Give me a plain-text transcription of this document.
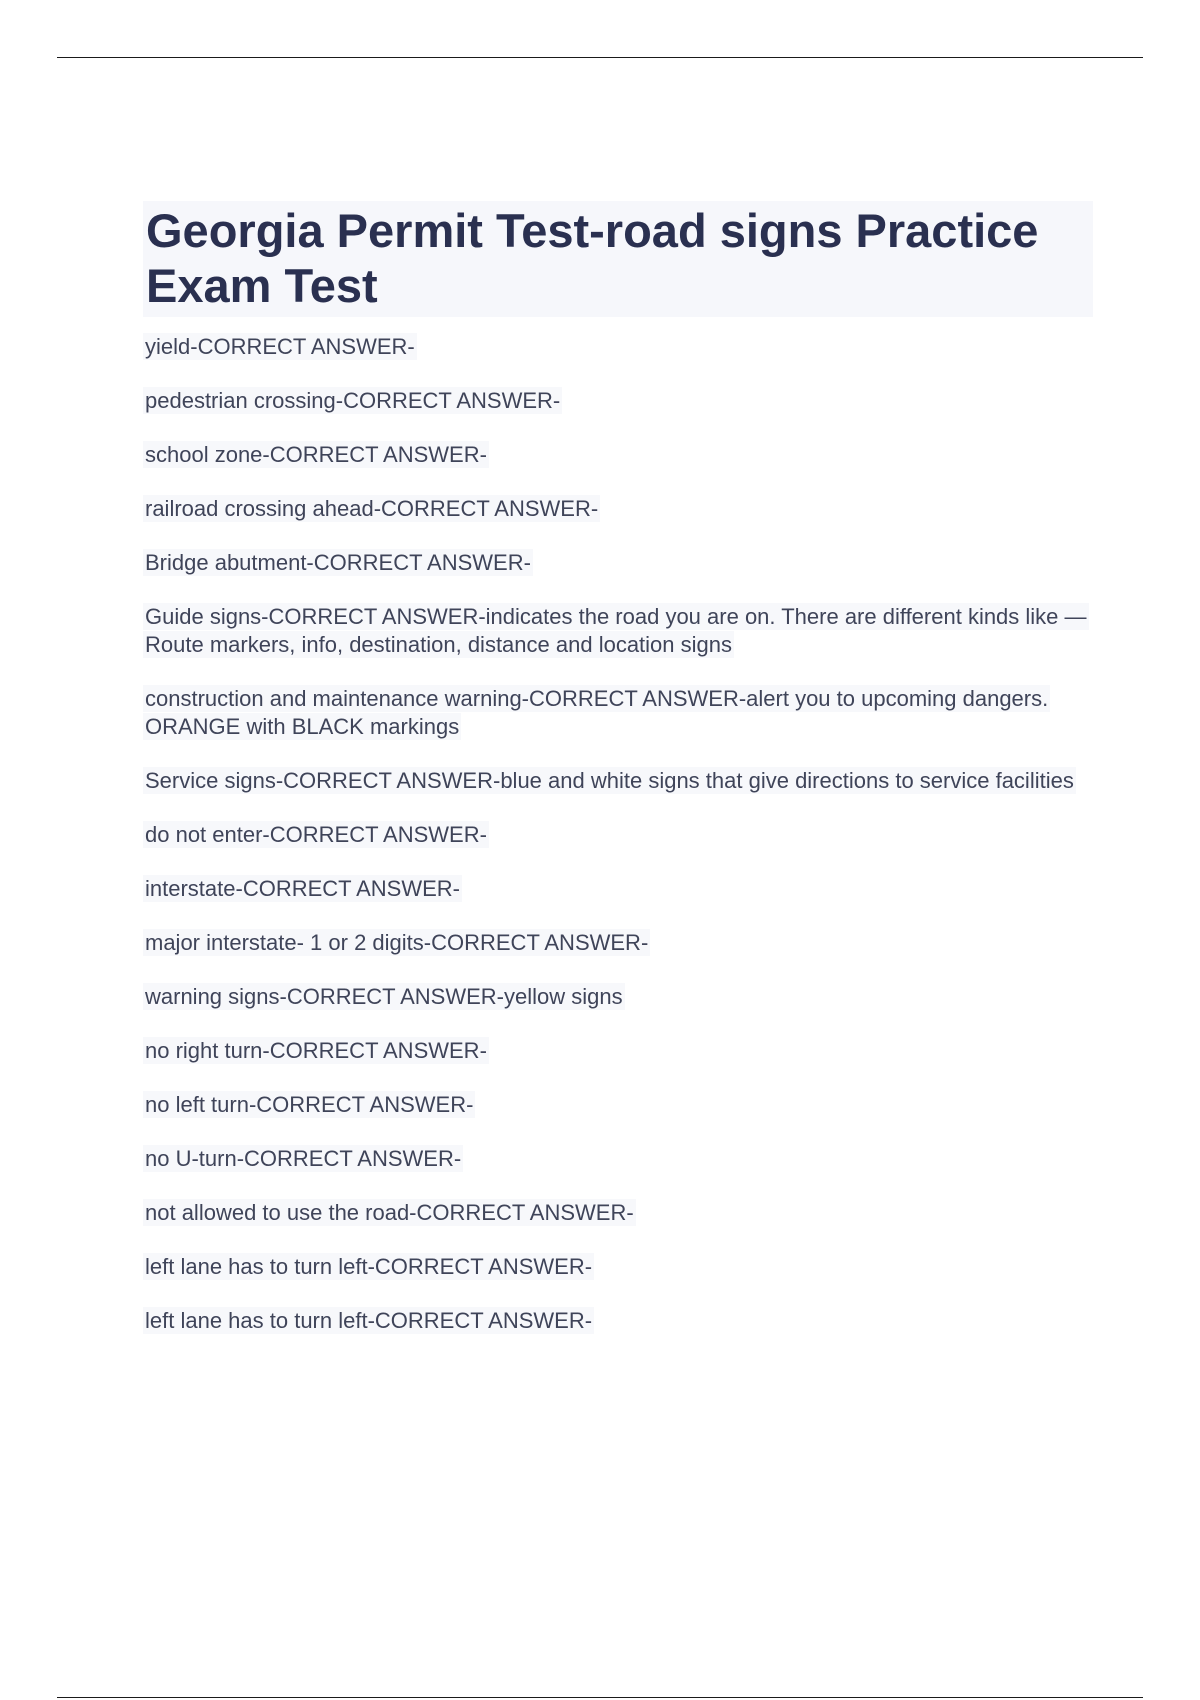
Georgia Permit Test-road signs Practice Exam Test
yield-CORRECT ANSWER-
pedestrian crossing-CORRECT ANSWER-
school zone-CORRECT ANSWER-
railroad crossing ahead-CORRECT ANSWER-
Bridge abutment-CORRECT ANSWER-
Guide signs-CORRECT ANSWER-indicates the road you are on. There are different kinds like — Route markers, info, destination, distance and location signs
construction and maintenance warning-CORRECT ANSWER-alert you to upcoming dangers. ORANGE with BLACK markings
Service signs-CORRECT ANSWER-blue and white signs that give directions to service facilities
do not enter-CORRECT ANSWER-
interstate-CORRECT ANSWER-
major interstate- 1 or 2 digits-CORRECT ANSWER-
warning signs-CORRECT ANSWER-yellow signs
no right turn-CORRECT ANSWER-
no left turn-CORRECT ANSWER-
no U-turn-CORRECT ANSWER-
not allowed to use the road-CORRECT ANSWER-
left lane has to turn left-CORRECT ANSWER-
left lane has to turn left-CORRECT ANSWER-
